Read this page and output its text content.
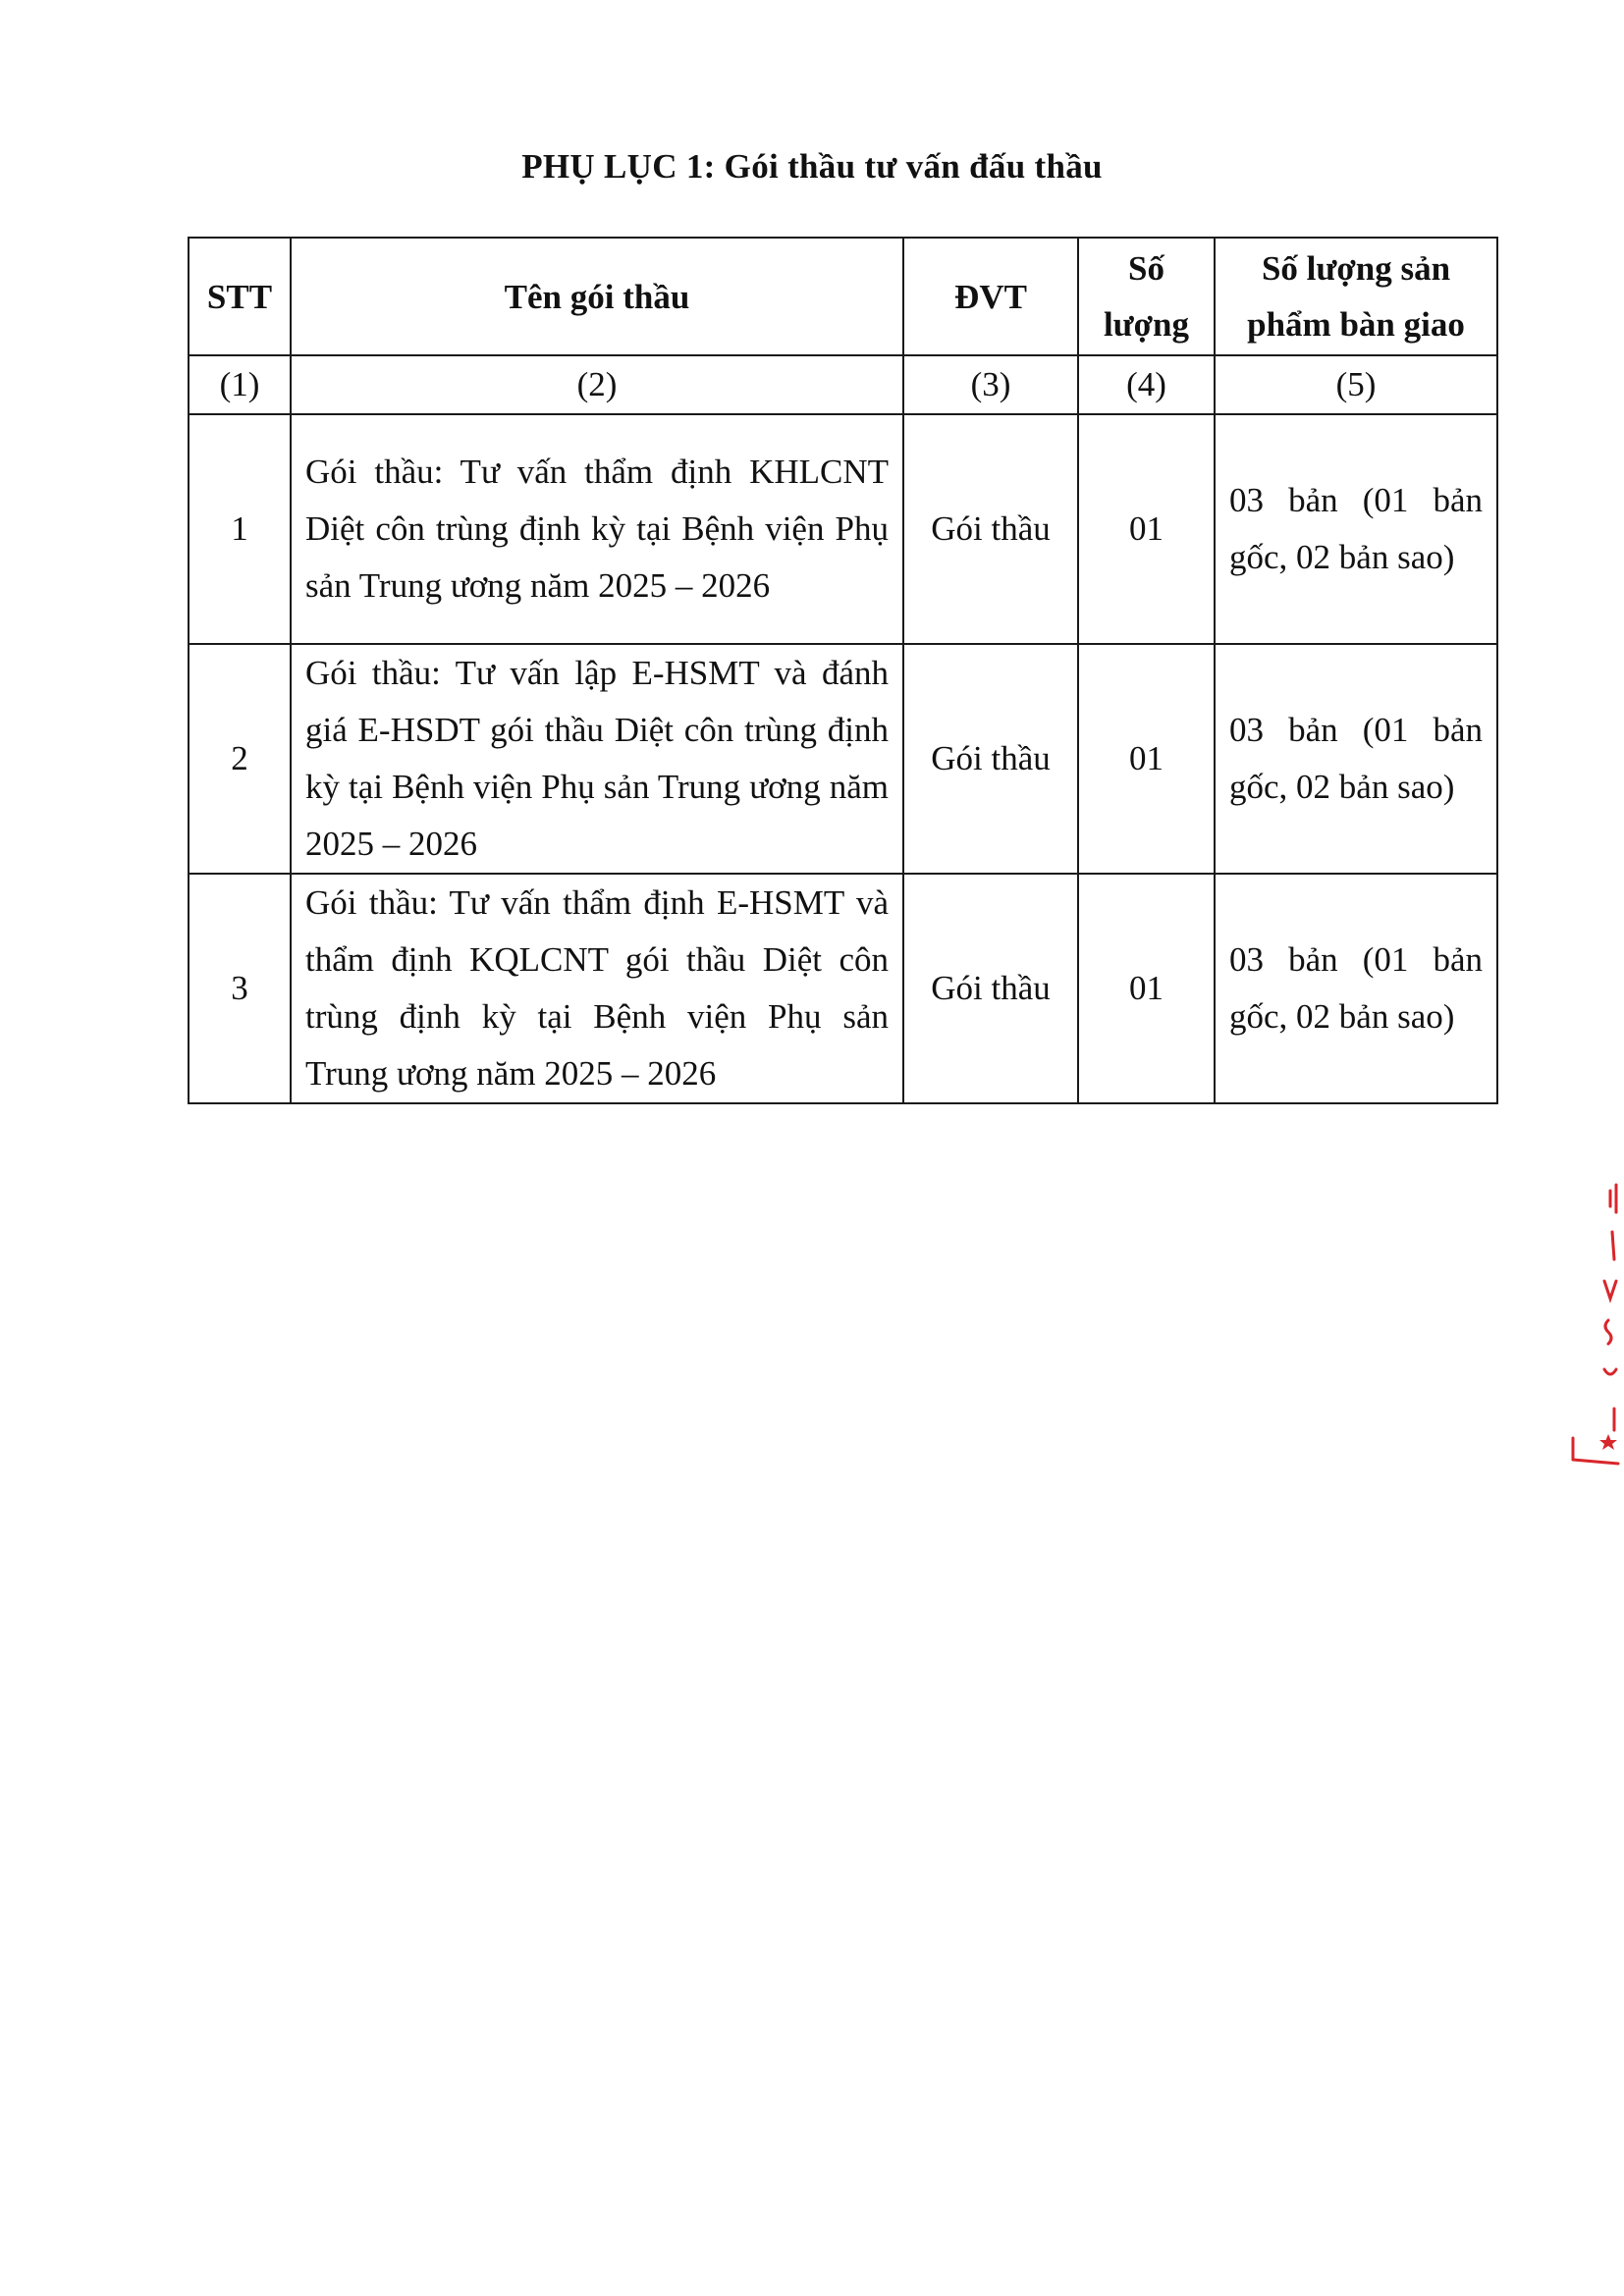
PHỤ LỤC 1: Gói thầu tư vấn đấu thầu
STT	Tên gói thầu	ĐVT	Số lượng	Số lượng sản phẩm bàn giao
(1)	(2)	(3)	(4)	(5)
1	Gói thầu: Tư vấn thẩm định KHLCNT Diệt côn trùng định kỳ tại Bệnh viện Phụ sản Trung ương năm 2025 – 2026	Gói thầu	01	03 bản (01 bản gốc, 02 bản sao)
2	Gói thầu: Tư vấn lập E-HSMT và đánh giá E-HSDT gói thầu Diệt côn trùng định kỳ tại Bệnh viện Phụ sản Trung ương năm 2025 – 2026	Gói thầu	01	03 bản (01 bản gốc, 02 bản sao)
3	Gói thầu: Tư vấn thẩm định E-HSMT và thẩm định KQLCNT gói thầu Diệt côn trùng định kỳ tại Bệnh viện Phụ sản Trung ương năm 2025 – 2026	Gói thầu	01	03 bản (01 bản gốc, 02 bản sao)
